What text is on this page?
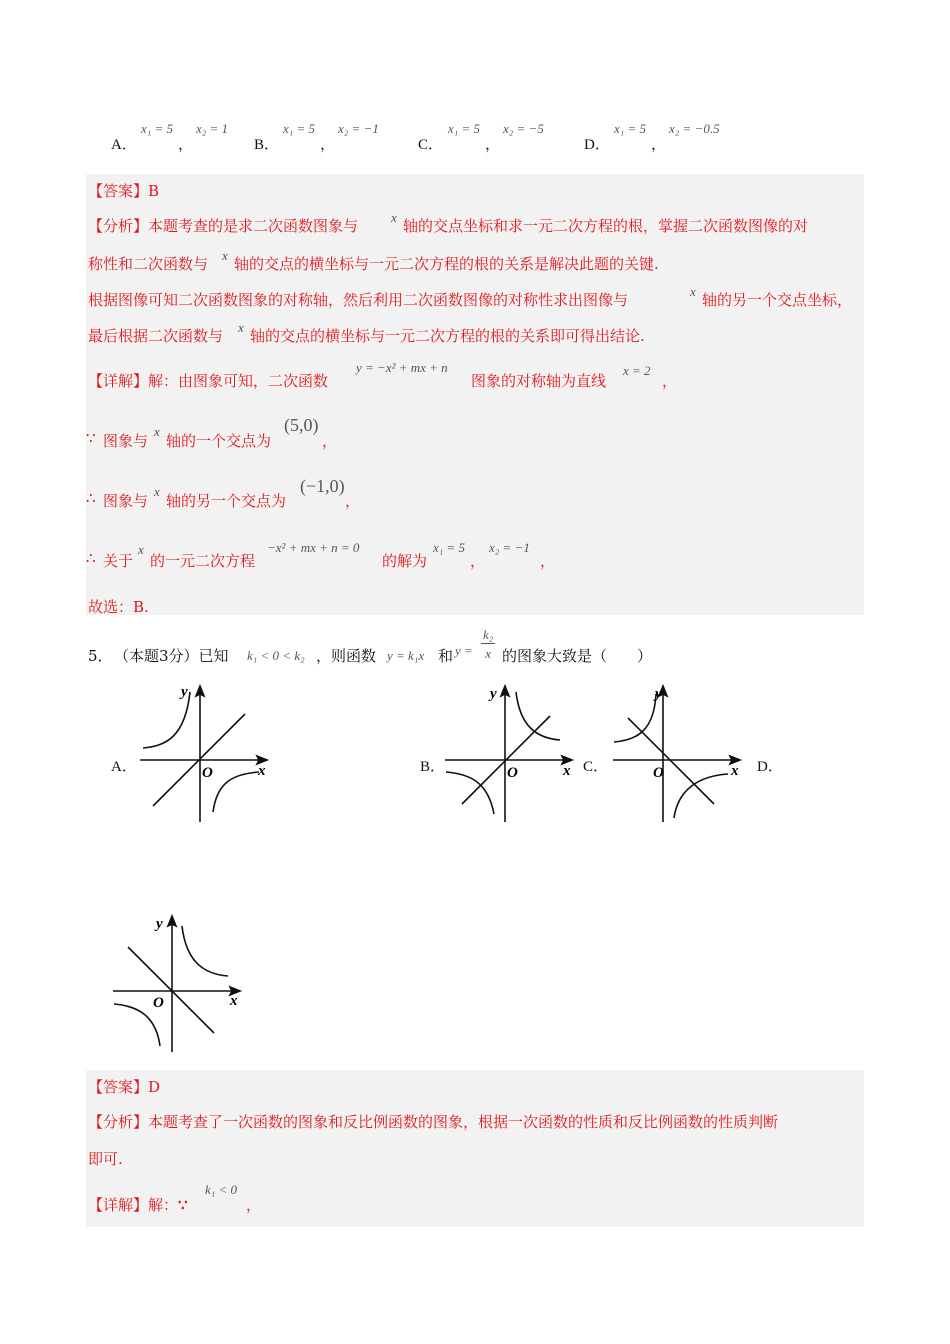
A．
x₁ = 5
，
x₂ = 1
B．
x₁ = 5
，
x₂ = −1
C．
x₁ = 5
，
x₂ = −5
D．
x₁ = 5
，
x₂ = −0.5
【答案】B
【分析】本题考查的是求二次函数图象与	x 轴的交点坐标和求一元二次方程的根，掌握二次函数图像的对
称性和二次函数与 x 轴的交点的横坐标与一元二次方程的根的关系是解决此题的关键.
根据图像可知二次函数图象的对称轴，然后利用二次函数图像的对称性求出图像与	x 轴的另一个交点坐标，
最后根据二次函数与 x 轴的交点的横坐标与一元二次方程的根的关系即可得出结论.
【详解】解：由图象可知，二次函数
y = −x² + mx + n
图象的对称轴为直线
x = 2
，
∵ 图象与
x
轴的一个交点为
(5,0)
，
∴ 图象与
x
轴的另一个交点为
(−1,0)
，
∴ 关于
x
的一元二次方程
−x² + mx + n = 0
的解为
x₁ = 5
，
x₂ = −1
，
故选：B.
5． （本题3分）已知 k₁ < 0 < k₂ ，则函数 y = k₁x 和 $y = \frac{\text{k₂}}{x}$ 的图象大致是（　　）
A．	B．	C．	D．
y
x
O
y
x
O
y
x
O
y
x
O
【答案】D
【分析】本题考查了一次函数的图象和反比例函数的图象，根据一次函数的性质和反比例函数的性质判断
即可.
【详解】解：∵
k₁ < 0
，
